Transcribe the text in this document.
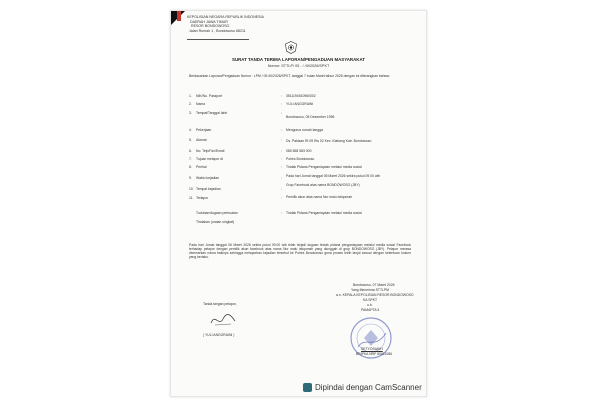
KEPOLISIAN NEGARA REPUBLIK INDONESIA
DAERAH JAWA TIMUR
RESOR BONDOWOSO
Jalan Rumah 1 , Bondowoso 68211
SURAT TANDA TERIMA LAPORAN/PENGADUAN MASYARAKAT
Nomor: STTLP/ 05 . / /III/2026/SPKT
Berdasarkan Laporan/Pengaduan Nomor : LPM / 05 /III/2026/SPKT, tanggal 7 bulan Maret tahun 2026 dengan ini diterangkan bahwa:
1. NIK/No. Passport	: 3511194510960002
2. Nama	: YULI ANGGRAINI
3. Tempat/Tanggal lahir	:
Bondowoso, 05 Desember 1996
4. Pekerjaan	: Mengurus rumah tangga
5. Alamat	: Ds. Pakisan Rt 05 Rw 02 Kec. Klabang Kab. Bondowoso
6. No. Telp/Fax/Email	: 085 858 583 000
7. Tujuan melapor di	: Polres Bondowoso
8. Perihal	: Tindak Pidana Penganiayaan melalui media sosial
9. Waktu kejadian	: Pada hari Jumat tanggal 06 Maret 2026 sekira pukul 09.00 wib
10. Tempat kejadian	:
Grup Facebook atas nama BONDOWOSO (JBY)
11. Terlapor	: Pemilik akun atas nama Nur malu istiqomah
Tuduhan/dugaan perbuatan	: Tindak Pidana Penganiayaan melalui media sosial
Tindakan (uraian singkat)
Pada hari Jumat tanggal 06 Maret 2026 sekira pukul 09.00 wib telah terjadi dugaan tindak pidana penganiayaan melalui media sosial Facebook terhadap pelapor dengan pemilik akun facebook atas nama Nur malu istiqomah yang diunggah di grup BONDOWOSO (JBY). Pelapor merasa dicemarkan nama baiknya sehingga melaporkan kejadian tersebut ke Polres Bondowoso guna proses lebih lanjut sesuai dengan ketentuan hukum yang berlaku.
Tanda tangan pelapor,
( YULI ANGGRAINI )
Bondowoso, 07 Maret 2026
Yang Menerima STTLPM
a.n. KEPALA KEPOLISIAN RESOR BONDOWOSO
KA SPKT
u.b.
PAMAPTA II
SETYOSAKIH
BRIPKA NRP 80011086
Dipindai dengan CamScanner
